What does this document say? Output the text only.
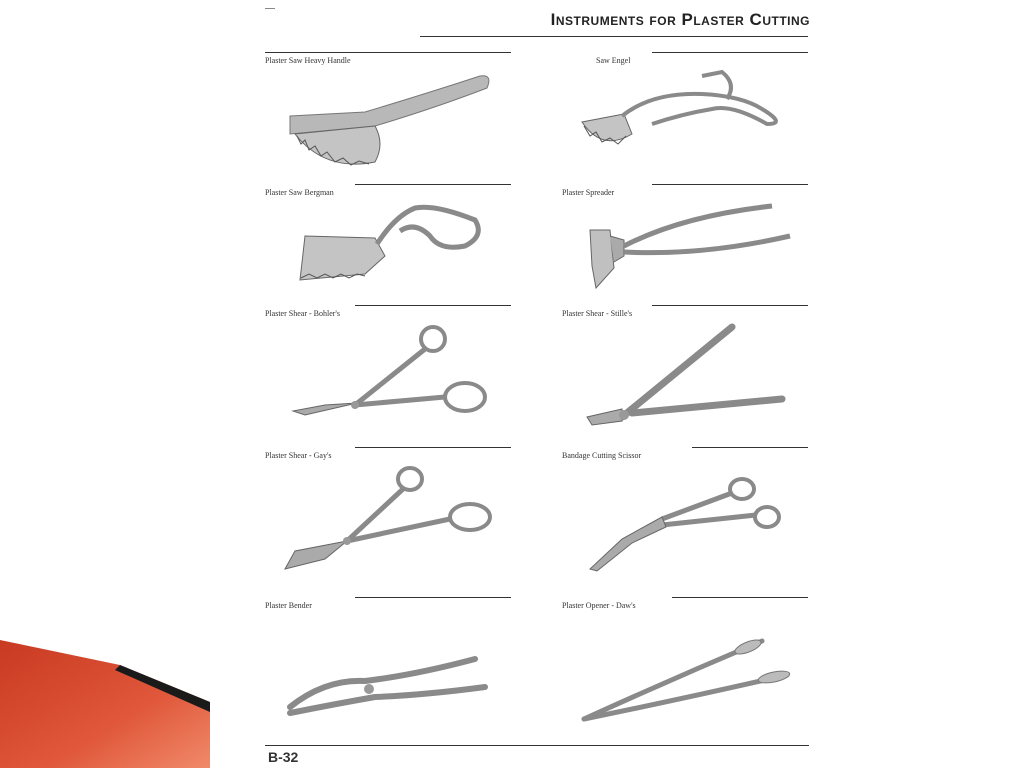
Instruments for Plaster Cutting
Plaster Saw Heavy Handle	Saw Engel
Plaster Saw Bergman	Plaster Spreader
Plaster Shear - Bohler's	Plaster Shear - Stille's
Plaster Shear - Gay's	Bandage Cutting Scissor
Plaster Bender	Plaster Opener - Daw's
B-32
